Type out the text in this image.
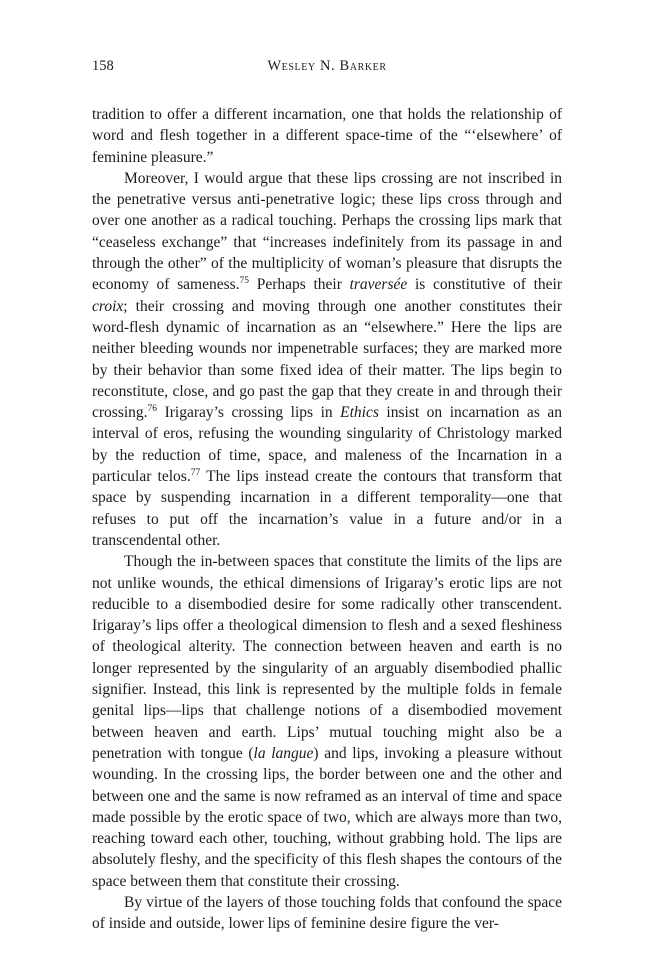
158	Wesley N. Barker

tradition to offer a different incarnation, one that holds the relationship of word and flesh together in a different space-time of the “‘elsewhere’ of feminine pleasure.”

Moreover, I would argue that these lips crossing are not inscribed in the penetrative versus anti-penetrative logic; these lips cross through and over one another as a radical touching. Perhaps the crossing lips mark that “ceaseless exchange” that “increases indefinitely from its passage in and through the other” of the multiplicity of woman’s pleasure that disrupts the economy of sameness.$^{75}$ Perhaps their traversée is constitutive of their croix; their crossing and moving through one another constitutes their word-flesh dynamic of incarnation as an “elsewhere.” Here the lips are neither bleeding wounds nor impenetrable surfaces; they are marked more by their behavior than some fixed idea of their matter. The lips begin to reconstitute, close, and go past the gap that they create in and through their crossing.$^{76}$ Irigaray’s crossing lips in Ethics insist on incarnation as an interval of eros, refusing the wounding singularity of Christology marked by the reduction of time, space, and maleness of the Incarnation in a particular telos.$^{77}$ The lips instead create the contours that transform that space by suspending incarnation in a different temporality—one that refuses to put off the incarnation’s value in a future and/or in a transcendental other.

Though the in-between spaces that constitute the limits of the lips are not unlike wounds, the ethical dimensions of Irigaray’s erotic lips are not reducible to a disembodied desire for some radically other transcendent. Irigaray’s lips offer a theological dimension to flesh and a sexed fleshiness of theological alterity. The connection between heaven and earth is no longer represented by the singularity of an arguably disembodied phallic signifier. Instead, this link is represented by the multiple folds in female genital lips—lips that challenge notions of a disembodied movement between heaven and earth. Lips’ mutual touching might also be a penetration with tongue (la langue) and lips, invoking a pleasure without wounding. In the crossing lips, the border between one and the other and between one and the same is now reframed as an interval of time and space made possible by the erotic space of two, which are always more than two, reaching toward each other, touching, without grabbing hold. The lips are absolutely fleshy, and the specificity of this flesh shapes the contours of the space between them that constitute their crossing.

By virtue of the layers of those touching folds that confound the space of inside and outside, lower lips of feminine desire figure the ver-
